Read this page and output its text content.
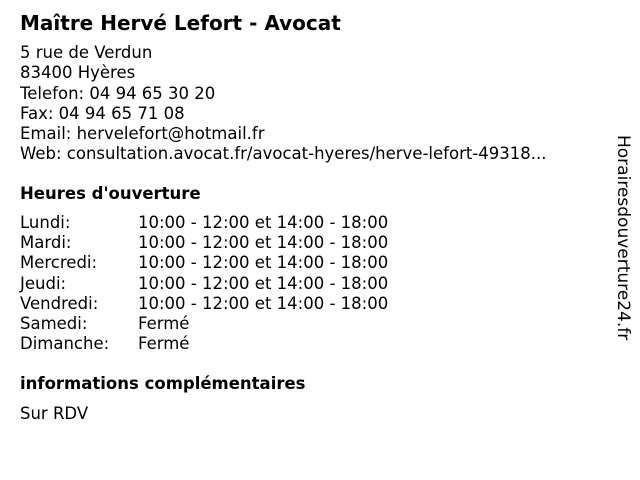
Maître Hervé Lefort - Avocat
5 rue de Verdun
83400 Hyères
Telefon: 04 94 65 30 20
Fax: 04 94 65 71 08
Email: hervelefort@hotmail.fr
Web: consultation.avocat.fr/avocat-hyeres/herve-lefort-49318...
Heures d'ouverture
Lundi:	10:00 - 12:00 et 14:00 - 18:00
Mardi:	10:00 - 12:00 et 14:00 - 18:00
Mercredi: 10:00 - 12:00 et 14:00 - 18:00
Jeudi:	10:00 - 12:00 et 14:00 - 18:00
Vendredi: 10:00 - 12:00 et 14:00 - 18:00
Samedi:	Fermé
Dimanche: Fermé
informations complémentaires
Sur RDV
Horairesdouverture24.fr
